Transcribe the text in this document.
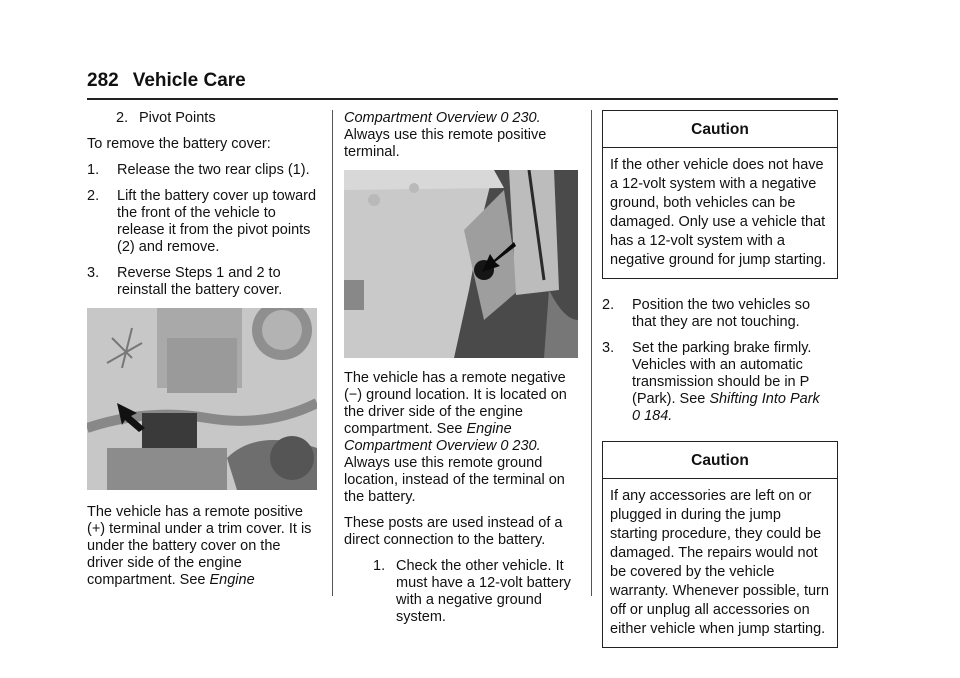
282 Vehicle Care
2. Pivot Points

To remove the battery cover:

1. Release the two rear clips (1).
2. Lift the battery cover up toward the front of the vehicle to release it from the pivot points (2) and remove.
3. Reverse Steps 1 and 2 to reinstall the battery cover.

The vehicle has a remote positive (+) terminal under a trim cover. It is under the battery cover on the driver side of the engine compartment. See Engine

Compartment Overview 0 230.
Always use this remote positive terminal.

The vehicle has a remote negative (−) ground location. It is located on the driver side of the engine compartment. See Engine Compartment Overview 0 230. Always use this remote ground location, instead of the terminal on the battery.

These posts are used instead of a direct connection to the battery.

1. Check the other vehicle. It must have a 12-volt battery with a negative ground system.
Caution
If the other vehicle does not have a 12-volt system with a negative ground, both vehicles can be damaged. Only use a vehicle that has a 12-volt system with a negative ground for jump starting.
2. Position the two vehicles so that they are not touching.
3. Set the parking brake firmly. Vehicles with an automatic transmission should be in P (Park). See Shifting Into Park
0 184.
Caution
If any accessories are left on or plugged in during the jump starting procedure, they could be damaged. The repairs would not be covered by the vehicle warranty. Whenever possible, turn off or unplug all accessories on either vehicle when jump starting.
